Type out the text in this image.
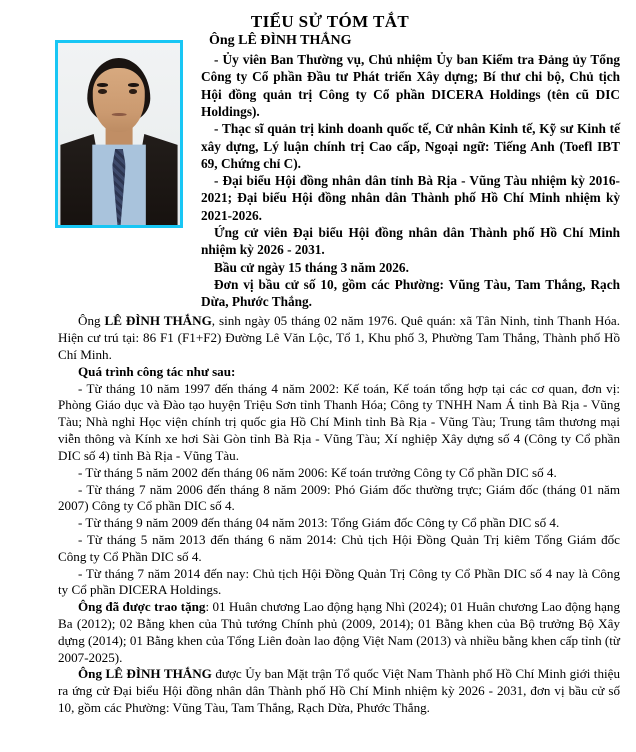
TIỂU SỬ TÓM TẮT
Ông LÊ ĐÌNH THẮNG

- Ủy viên Ban Thường vụ, Chủ nhiệm Ủy ban Kiểm tra Đảng ủy Tổng Công ty Cổ phần Đầu tư Phát triển Xây dựng; Bí thư chi bộ, Chủ tịch Hội đồng quản trị Công ty Cổ phần DICERA Holdings (tên cũ DIC Holdings).

- Thạc sĩ quản trị kinh doanh quốc tế, Cử nhân Kinh tế, Kỹ sư Kinh tế xây dựng, Lý luận chính trị Cao cấp, Ngoại ngữ: Tiếng Anh (Toefl IBT 69, Chứng chỉ C).

- Đại biểu Hội đồng nhân dân tỉnh Bà Rịa - Vũng Tàu nhiệm kỳ 2016-2021; Đại biểu Hội đồng nhân dân Thành phố Hồ Chí Minh nhiệm kỳ 2021-2026.

Ứng cử viên Đại biểu Hội đồng nhân dân Thành phố Hồ Chí Minh nhiệm kỳ 2026 - 2031.

Bầu cử ngày 15 tháng 3 năm 2026.

Đơn vị bầu cử số 10, gồm các Phường: Vũng Tàu, Tam Thắng, Rạch Dừa, Phước Thắng.

Ông LÊ ĐÌNH THẮNG, sinh ngày 05 tháng 02 năm 1976. Quê quán: xã Tân Ninh, tỉnh Thanh Hóa. Hiện cư trú tại: 86 F1 (F1+F2) Đường Lê Văn Lộc, Tổ 1, Khu phố 3, Phường Tam Thắng, Thành phố Hồ Chí Minh.

Quá trình công tác như sau:

- Từ tháng 10 năm 1997 đến tháng 4 năm 2002: Kế toán, Kế toán tổng hợp tại các cơ quan, đơn vị: Phòng Giáo dục và Đào tạo huyện Triệu Sơn tỉnh Thanh Hóa; Công ty TNHH Nam Á tỉnh Bà Rịa - Vũng Tàu; Nhà nghỉ Học viện chính trị quốc gia Hồ Chí Minh tỉnh Bà Rịa - Vũng Tàu; Trung tâm thương mại viễn thông và Kính xe hơi Sài Gòn tỉnh Bà Rịa - Vũng Tàu; Xí nghiệp Xây dựng số 4 (Công ty Cổ phần DIC số 4) tỉnh Bà Rịa - Vũng Tàu.

- Từ tháng 5 năm 2002 đến tháng 06 năm 2006: Kế toán trưởng Công ty Cổ phần DIC số 4.

- Từ tháng 7 năm 2006 đến tháng 8 năm 2009: Phó Giám đốc thường trực; Giám đốc (tháng 01 năm 2007) Công ty Cổ phần DIC số 4.

- Từ tháng 9 năm 2009 đến tháng 04 năm 2013: Tổng Giám đốc Công ty Cổ phần DIC số 4.

- Từ tháng 5 năm 2013 đến tháng 6 năm 2014: Chủ tịch Hội Đồng Quản Trị kiêm Tổng Giám đốc Công ty Cổ Phần DIC số 4.

- Từ tháng 7 năm 2014 đến nay: Chủ tịch Hội Đồng Quản Trị Công ty Cổ Phần DIC số 4 nay là Công ty Cổ phần DICERA Holdings.

Ông đã được trao tặng: 01 Huân chương Lao động hạng Nhì (2024); 01 Huân chương Lao động hạng Ba (2012); 02 Bằng khen của Thủ tướng Chính phủ (2009, 2014); 01 Bằng khen của Bộ trưởng Bộ Xây dựng (2014); 01 Bằng khen của Tổng Liên đoàn lao động Việt Nam (2013) và nhiều bằng khen cấp tỉnh (từ 2007-2025).

Ông LÊ ĐÌNH THẮNG được Ủy ban Mặt trận Tổ quốc Việt Nam Thành phố Hồ Chí Minh giới thiệu ra ứng cử Đại biểu Hội đồng nhân dân Thành phố Hồ Chí Minh nhiệm kỳ 2026 - 2031, đơn vị bầu cử số 10, gồm các Phường: Vũng Tàu, Tam Thắng, Rạch Dừa, Phước Thắng.
